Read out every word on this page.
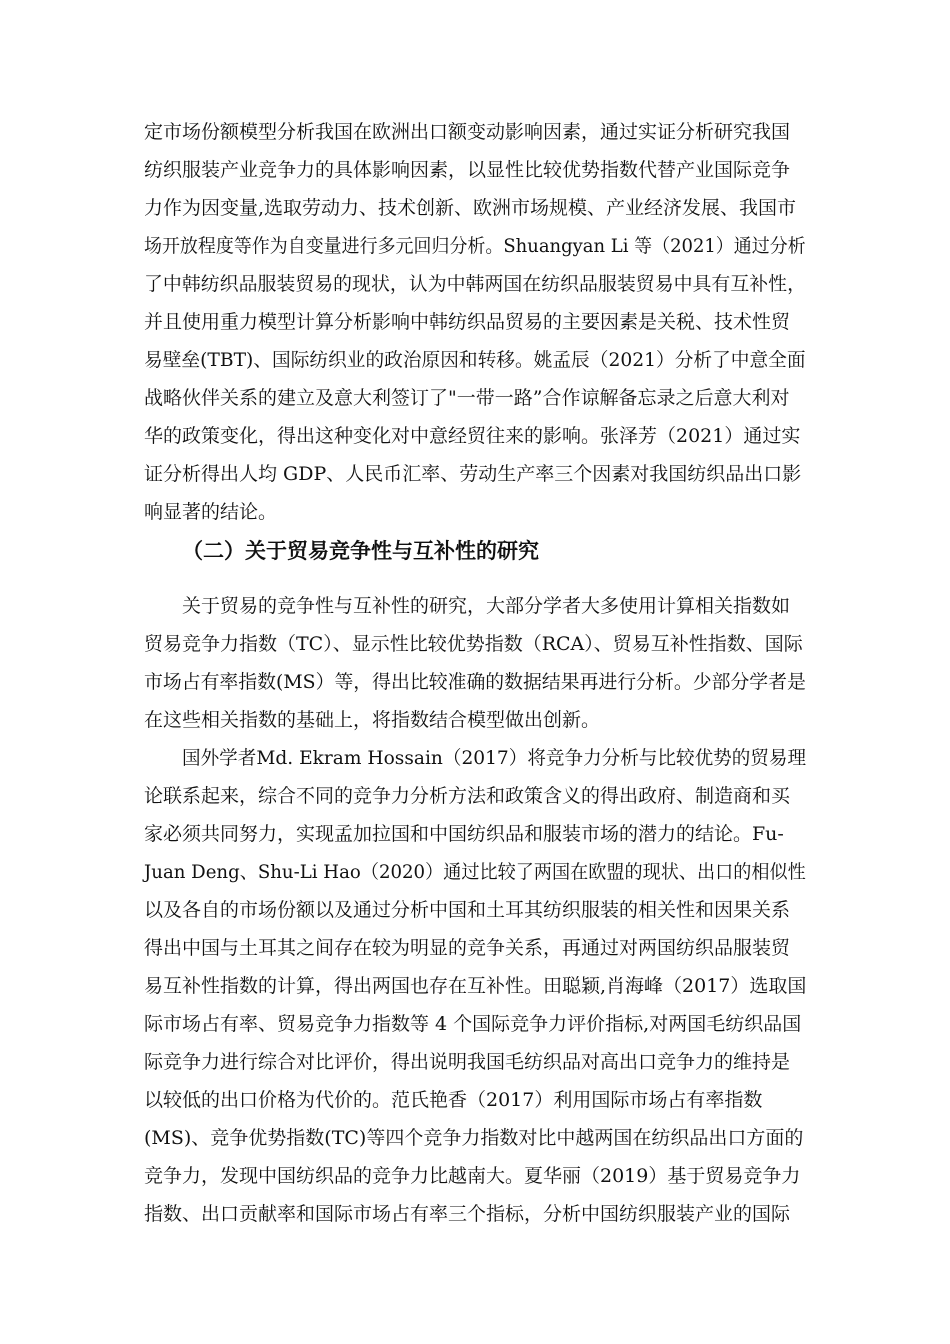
定市场份额模型分析我国在欧洲出口额变动影响因素，通过实证分析研究我国
纺织服装产业竞争力的具体影响因素，以显性比较优势指数代替产业国际竞争
力作为因变量,选取劳动力、技术创新、欧洲市场规模、产业经济发展、我国市
场开放程度等作为自变量进行多元回归分析。Shuangyan Li 等（2021）通过分析
了中韩纺织品服装贸易的现状，认为中韩两国在纺织品服装贸易中具有互补性，
并且使用重力模型计算分析影响中韩纺织品贸易的主要因素是关税、技术性贸
易壁垒(TBT)、国际纺织业的政治原因和转移。姚孟辰（2021）分析了中意全面
战略伙伴关系的建立及意大利签订了"一带一路”合作谅解备忘录之后意大利对
华的政策变化，得出这种变化对中意经贸往来的影响。张泽芳（2021）通过实
证分析得出人均 GDP、人民币汇率、劳动生产率三个因素对我国纺织品出口影
响显著的结论。
（二）关于贸易竞争性与互补性的研究
关于贸易的竞争性与互补性的研究，大部分学者大多使用计算相关指数如
贸易竞争力指数（TC）、显示性比较优势指数（RCA）、贸易互补性指数、国际
市场占有率指数(MS）等，得出比较准确的数据结果再进行分析。少部分学者是
在这些相关指数的基础上，将指数结合模型做出创新。
国外学者Md. Ekram Hossain（2017）将竞争力分析与比较优势的贸易理
论联系起来，综合不同的竞争力分析方法和政策含义的得出政府、制造商和买
家必须共同努力，实现孟加拉国和中国纺织品和服装市场的潜力的结论。Fu-
Juan Deng、Shu-Li Hao（2020）通过比较了两国在欧盟的现状、出口的相似性
以及各自的市场份额以及通过分析中国和土耳其纺织服装的相关性和因果关系
得出中国与土耳其之间存在较为明显的竞争关系，再通过对两国纺织品服装贸
易互补性指数的计算，得出两国也存在互补性。田聪颖,肖海峰（2017）选取国
际市场占有率、贸易竞争力指数等 4 个国际竞争力评价指标,对两国毛纺织品国
际竞争力进行综合对比评价，得出说明我国毛纺织品对高出口竞争力的维持是
以较低的出口价格为代价的。范氏艳香（2017）利用国际市场占有率指数
(MS)、竞争优势指数(TC)等四个竞争力指数对比中越两国在纺织品出口方面的
竞争力，发现中国纺织品的竞争力比越南大。夏华丽（2019）基于贸易竞争力
指数、出口贡献率和国际市场占有率三个指标，分析中国纺织服装产业的国际
